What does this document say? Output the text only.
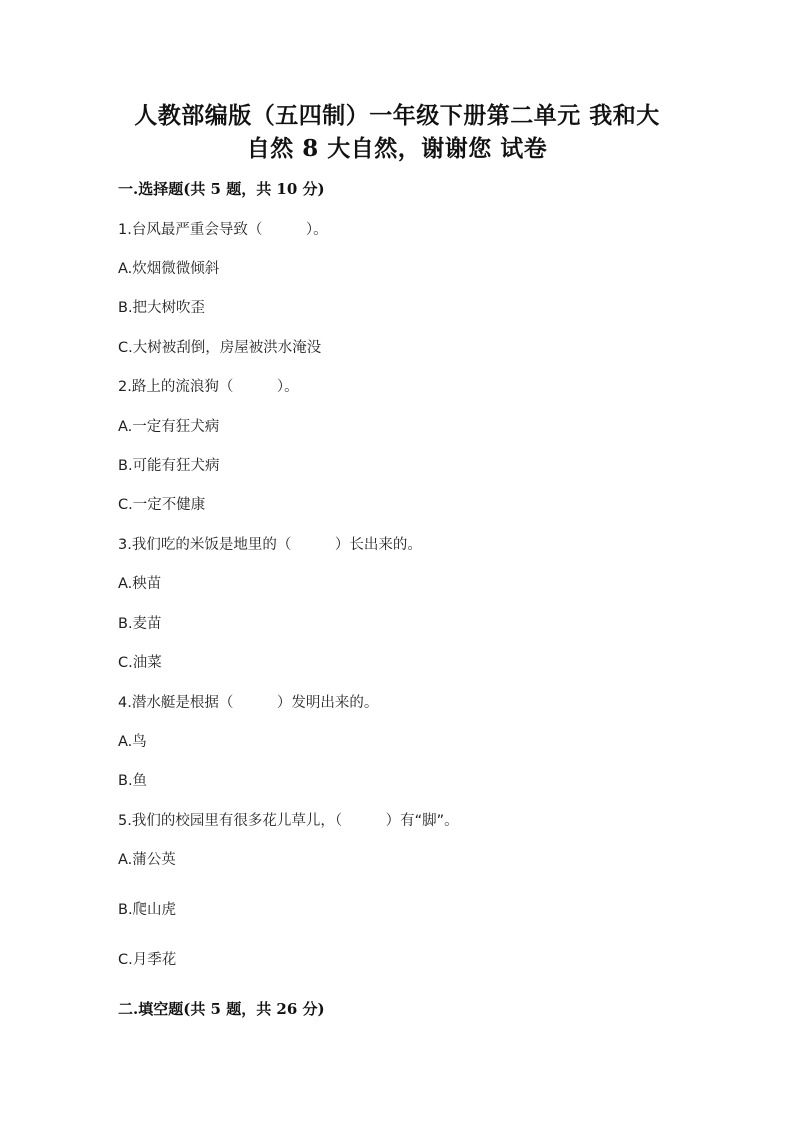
人教部编版（五四制）一年级下册第二单元 我和大
自然 8 大自然，谢谢您 试卷
一.选择题(共 5 题，共 10 分)
1.台风最严重会导致（　　　）。
A.炊烟微微倾斜
B.把大树吹歪
C.大树被刮倒，房屋被洪水淹没
2.路上的流浪狗（　　　）。
A.一定有狂犬病
B.可能有狂犬病
C.一定不健康
3.我们吃的米饭是地里的（　　　）长出来的。
A.秧苗
B.麦苗
C.油菜
4.潜水艇是根据（　　　）发明出来的。
A.鸟
B.鱼
5.我们的校园里有很多花儿草儿，（　　　）有“脚”。
A.蒲公英
B.爬山虎
C.月季花
二.填空题(共 5 题，共 26 分)
